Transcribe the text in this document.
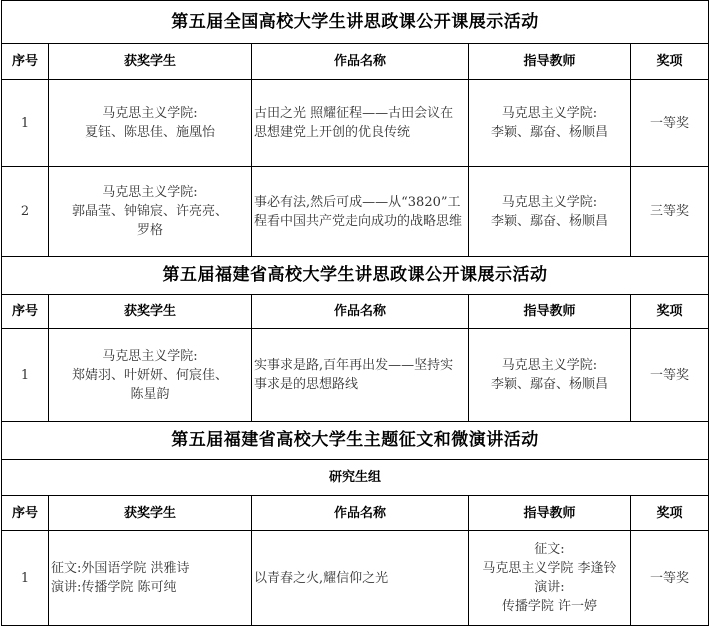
第五届全国高校大学生讲思政课公开课展示活动				
序号	获奖学生	作品名称	指导教师	奖项
1	马克思主义学院:
夏钰、陈思佳、施凰怡	古田之光 照耀征程——古田会议在思想建党上开创的优良传统	马克思主义学院:
李颖、鄢奋、杨顺昌	一等奖
2	马克思主义学院:
郭晶莹、钟锦宸、许亮亮、
罗格	事必有法,然后可成——从“3820”工程看中国共产党走向成功的战略思维	马克思主义学院:
李颖、鄢奋、杨顺昌	三等奖
第五届福建省高校大学生讲思政课公开课展示活动				
序号	获奖学生	作品名称	指导教师	奖项
1	马克思主义学院:
郑婧羽、叶妍妍、何宸佳、
陈星韵	实事求是路,百年再出发——坚持实事求是的思想路线	马克思主义学院:
李颖、鄢奋、杨顺昌	一等奖
第五届福建省高校大学生主题征文和微演讲活动				
研究生组				
序号	获奖学生	作品名称	指导教师	奖项
1	征文:外国语学院 洪雅诗
演讲:传播学院 陈可纯	以青春之火,耀信仰之光	征文:
马克思主义学院 李逢铃
演讲:
传播学院 许一婷	一等奖
